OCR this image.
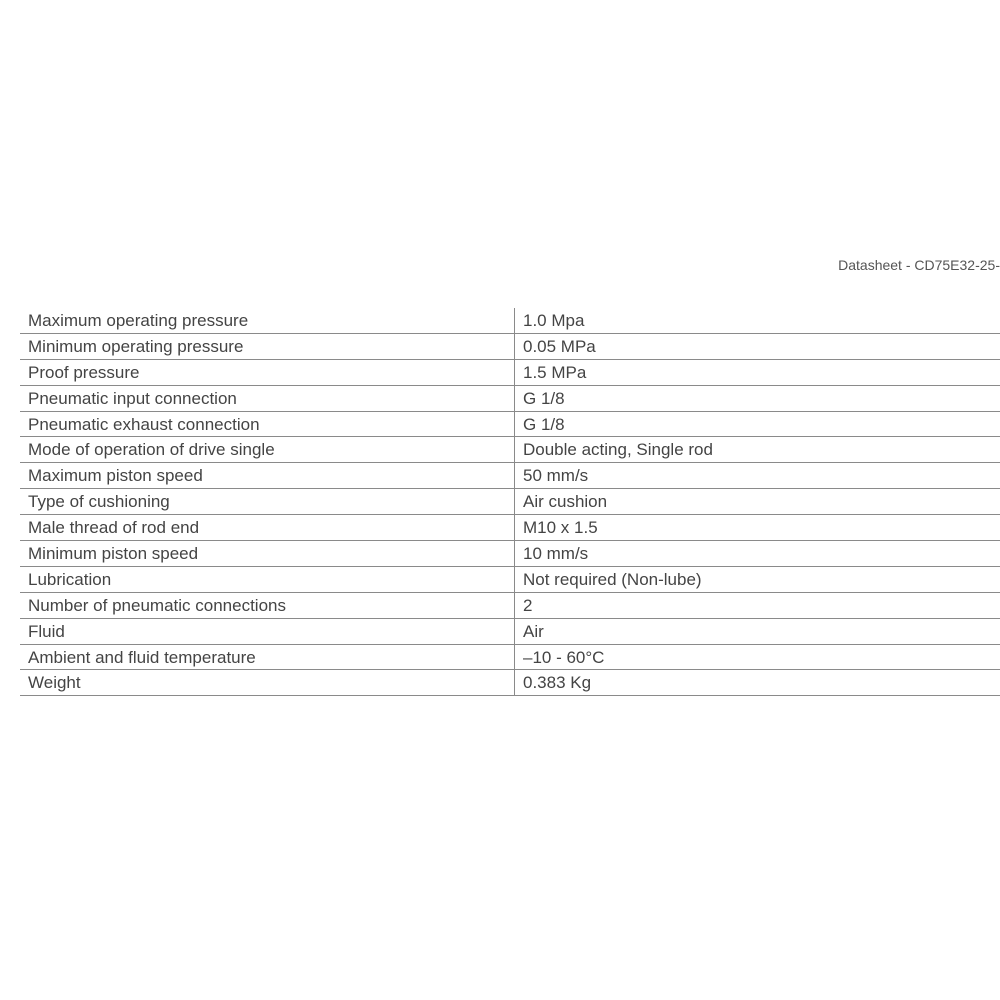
Datasheet - CD75E32-25-
Maximum operating pressure	1.0 Mpa
Minimum operating pressure	0.05 MPa
Proof pressure	1.5 MPa
Pneumatic input connection	G 1/8
Pneumatic exhaust connection	G 1/8
Mode of operation of drive single	Double acting, Single rod
Maximum piston speed	50 mm/s
Type of cushioning	Air cushion
Male thread of rod end	M10 x 1.5
Minimum piston speed	10 mm/s
Lubrication	Not required (Non-lube)
Number of pneumatic connections	2
Fluid	Air
Ambient and fluid temperature	–10 - 60°C
Weight	0.383 Kg
